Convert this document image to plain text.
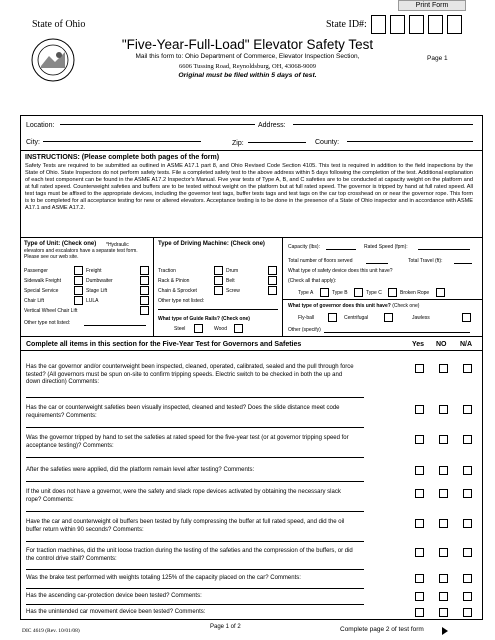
Print Form
State of Ohio	State ID#:
Page 1
"Five-Year-Full-Load" Elevator Safety Test
Mail this form to: Ohio Department of Commerce, Elevator Inspection Section,
6606 Tussing Road, Reynoldsburg, OH, 43068-9009
Original must be filed within 5 days of test.
Location:	Address:
City:	Zip:	County:
INSTRUCTIONS: (Please complete both pages of the form)
Safety Tests are required to be submitted as outlined in ASME A17.1 part 8, and Ohio Revised Code Section 4105. This test is required in addition to the field inspections by the State of Ohio. State Inspectors do not perform safety tests. File a completed safety test to the above address within 5 days following the completion of the test. Additional explanation of each test component can be found in the ASME A17.2 Inspector's Manual. Five year tests of Type A, B, and C safeties are to be conducted at capacity weight on the platform and at full rated speed. Counterweight safeties and buffers are to be tested without weight on the platform but at full rated speed. The governor is tripped by hand at full rated speed. All test tags must be affixed to the appropriate devices, including the governor test tags, buffer tests tags and test tags on the car top crosshead on or near the governor rope. This form is to be completed for all acceptance testing for new or altered elevators. Acceptance testing is to be done in the presence of a State of Ohio inspector and in accordance with ASME A17.1 and ASME A17.2.
Type of Unit: (Check one)	*Hydraulic elevators and escalators have a separate test form. Please see our web site.
Passenger	Freight
Sidewalk Freight	Dumbwaiter
Special Service	Stage Lift
Chair Lift	LULA
Vertical Wheel Chair Lift
Other type not listed:
Type of Driving Machine: (Check one)
Traction	Drum
Rack & Pinion	Belt
Chain & Sprocket	Screw
Other type not listed:
What type of Guide Rails? (Check one)
Steel	Wood
Capacity (lbs):	Rated Speed (fpm):
Total number of floors served	Total Travel (ft):
What type of safety device does this unit have?
(Check all that apply):
Type A	Type B	Type C	Broken Rope
What type of governor does this unit have? (Check one)
Fly-ball	Centrifugal	Jawless
Other (specify)
Complete all items in this section for the Five-Year Test for Governors and Safeties	Yes NO N/A
Has the car governor and/or counterweight been inspected, cleaned, operated, calibrated, sealed and the pull through force tested? (All governors must be spun on-site to confirm tripping speeds. Electric switch to be checked in both the up and down direction) Comments:
Has the car or counterweight safeties been visually inspected, cleaned and tested? Does the slide distance meet code requirements? Comments:
Was the governor tripped by hand to set the safeties at rated speed for the five-year test (or at governor tripping speed for acceptance testing)? Comments:
After the safeties were applied, did the platform remain level after testing? Comments:
If the unit does not have a governor, were the safety and slack rope devices activated by obtaining the necessary slack rope? Comments:
Have the car and counterweight oil buffers been tested by fully compressing the buffer at full rated speed, and did the oil buffer return within 90 seconds? Comments:
For traction machines, did the unit loose traction during the testing of the safeties and the compression of the buffers, or did the control drive stall? Comments:
Was the brake test performed with weights totaling 125% of the capacity placed on the car? Comments:
Has the ascending car-protection device been tested? Comments:
Has the unintended car movement device been tested? Comments:
DIC 4619 (Rev. 10/01/08)
Page 1 of 2	Complete page 2 of test form
